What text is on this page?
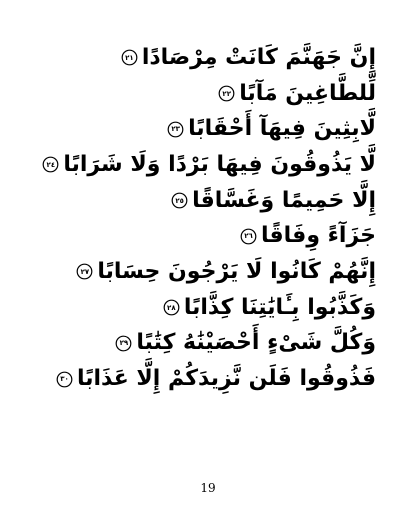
إِنَّ جَهَنَّمَ كَانَتْ مِرْصَادًا
٢١
لِّلطَّاغِينَ مَآبًا
٢٢
لَّابِثِينَ فِيهَآ أَحْقَابًا
٢٣
لَّا يَذُوقُونَ فِيهَا بَرْدًا وَلَا شَرَابًا
٢٤
إِلَّا حَمِيمًا وَغَسَّاقًا
٢٥
جَزَآءً وِفَاقًا
٢٦
إِنَّهُمْ كَانُوا لَا يَرْجُونَ حِسَابًا
٢٧
وَكَذَّبُوا بِـَٔايَٰتِنَا كِذَّابًا
٢٨
وَكُلَّ شَىْءٍ أَحْصَيْنَٰهُ كِتَٰبًا
٢٩
فَذُوقُوا فَلَن نَّزِيدَكُمْ إِلَّا عَذَابًا
٣٠
19
